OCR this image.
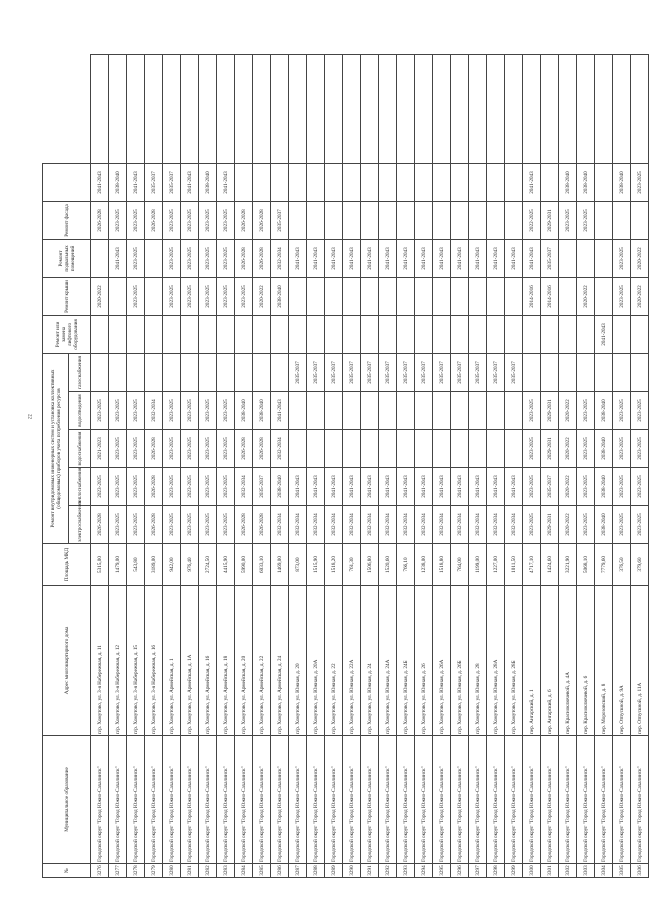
22
№	Муниципальное образование	Адрес многоквартирного дома	Площадь МКД	Ремонт внутридомовых инженерных систем и установка коллективных (общедомовых) приборов учета потребления ресурсов					Ремонт или замена лифтового оборудования	Ремонт крыши	Ремонт подвальных помещений	Ремонт фасада		
				электроснабжения	теплоснабжения	водоснабжения	водоотведения	газоснабжения						
3276	Городской округ "Город Южно-Сахалинск"	п/р. Хомутово, ул. 3-я Набережная, д. 11	5315,00	2026-2028	2023-2025	2021-2023	2023-2025			2020-2022		2026-2028	2041-2043	
3277	Городской округ "Город Южно-Сахалинск"	п/р. Хомутово, ул. 3-я Набережная, д. 12	1479,00	2023-2025	2023-2025	2023-2025	2023-2025				2041-2043	2023-2025	2038-2040	
3278	Городской округ "Город Южно-Сахалинск"	п/р. Хомутово, ул. 3-я Набережная, д. 15	543,80	2023-2025	2023-2025	2023-2025	2023-2025			2023-2025	2023-2025	2023-2025	2041-2043	
3279	Городской округ "Город Южно-Сахалинск"	п/р. Хомутово, ул. 3-я Набережная, д. 16	3189,00	2026-2028	2026-2028	2026-2028	2032-2034					2026-2028	2035-2037	
3280	Городской округ "Город Южно-Сахалинск"	п/р. Хомутово, ул. Армейская, д. 1	942,00	2023-2025	2023-2025	2023-2025	2023-2025			2023-2025	2023-2025	2023-2025	2035-2037	
3281	Городской округ "Город Южно-Сахалинск"	п/р. Хомутово, ул. Армейская, д. 1А	976,40	2023-2025	2023-2025	2023-2025	2023-2025			2023-2025	2023-2025	2023-2025	2041-2043	
3282	Городской округ "Город Южно-Сахалинск"	п/р. Хомутово, ул. Армейская, д. 16	2724,50	2023-2025	2023-2025	2023-2025	2023-2025			2023-2025	2023-2025	2023-2025	2038-2040	
3283	Городской округ "Город Южно-Сахалинск"	п/р. Хомутово, ул. Армейская, д. 18	4415,90	2023-2025	2023-2025	2023-2025	2023-2025			2023-2025	2023-2025	2023-2025	2041-2043	
3284	Городской округ "Город Южно-Сахалинск"	п/р. Хомутово, ул. Армейская, д. 20	5990,00	2026-2028	2032-2034	2026-2028	2038-2040			2023-2025	2026-2028	2026-2028		
3285	Городской округ "Город Южно-Сахалинск"	п/р. Хомутово, ул. Армейская, д. 22	6033,10	2026-2028	2035-2037	2026-2028	2038-2040			2020-2022	2026-2028	2026-2028		
3286	Городской округ "Город Южно-Сахалинск"	п/р. Хомутово, ул. Армейская, д. 24	1469,00	2032-2034	2038-2040	2032-2034	2041-2043			2038-2040	2032-2034	2035-2037		
3287	Городской округ "Город Южно-Сахалинск"	п/р. Хомутово, ул. Южная, д. 20	873,00	2032-2034	2041-2043			2035-2037			2041-2043			
3288	Городской округ "Город Южно-Сахалинск"	п/р. Хомутово, ул. Южная, д. 20А	1515,90	2032-2034	2041-2043			2035-2037			2041-2043			
3289	Городской округ "Город Южно-Сахалинск"	п/р. Хомутово, ул. Южная, д. 22	1518,20	2032-2034	2041-2043			2035-2037			2041-2043			
3290	Городской округ "Город Южно-Сахалинск"	п/р. Хомутово, ул. Южная, д. 22А	761,30	2032-2034	2041-2043			2035-2037			2041-2043			
3291	Городской округ "Город Южно-Сахалинск"	п/р. Хомутово, ул. Южная, д. 24	1506,80	2032-2034	2041-2043			2035-2037			2041-2043			
3292	Городской округ "Город Южно-Сахалинск"	п/р. Хомутово, ул. Южная, д. 24А	1520,60	2032-2034	2041-2043			2035-2037			2041-2043			
3293	Городской округ "Город Южно-Сахалинск"	п/р. Хомутово, ул. Южная, д. 24Б	766,10	2032-2034	2041-2043			2035-2037			2041-2043			
3294	Городской округ "Город Южно-Сахалинск"	п/р. Хомутово, ул. Южная, д. 26	1238,00	2032-2034	2041-2043			2035-2037			2041-2043			
3295	Городской округ "Город Южно-Сахалинск"	п/р. Хомутово, ул. Южная, д. 26А	1518,80	2032-2034	2041-2043			2035-2037			2041-2043			
3296	Городской округ "Город Южно-Сахалинск"	п/р. Хомутово, ул. Южная, д. 26Б	764,00	2032-2034	2041-2043			2035-2037			2041-2043			
3297	Городской округ "Город Южно-Сахалинск"	п/р. Хомутово, ул. Южная, д. 28	1199,00	2032-2034	2041-2043			2035-2037			2041-2043			
3298	Городской округ "Город Южно-Сахалинск"	п/р. Хомутово, ул. Южная, д. 28А	1227,00	2032-2034	2041-2043			2035-2037			2041-2043			
3299	Городской округ "Город Южно-Сахалинск"	п/р. Хомутово, ул. Южная, д. 28Б	1011,50	2032-2034	2041-2043			2035-2037			2041-2043			
3300	Городской округ "Город Южно-Сахалинск"	пер. Ангарский, д. 1	4717,10	2023-2025	2023-2025	2023-2025	2023-2025			2014-2016	2041-2043	2022-2025	2041-2043	
3301	Городской округ "Город Южно-Сахалинск"	пер. Ангарский, д. 6	1424,60	2029-2031	2035-2037	2029-2031	2029-2031			2014-2016	2035-2037	2029-2031		
3302	Городской округ "Город Южно-Сахалинск"	пер. Красноключевой, д. 4А	3221,90	2020-2022	2020-2022	2020-2022	2020-2022					2023-2025	2038-2040	
3303	Городской округ "Город Южно-Сахалинск"	пер. Красноключевой, д. 6	5068,10	2023-2025	2023-2025	2023-2025	2023-2025			2020-2022		2023-2025	2038-2040	
3304	Городской округ "Город Южно-Сахалинск"	пер. Морозовский, д. 8	7779,60	2038-2040	2038-2040	2038-2040	2038-2040		2041-2043					
3305	Городской округ "Город Южно-Сахалинск"	пер. Отпускной, д. 9А	376,50	2023-2025	2023-2025	2023-2025	2023-2025			2023-2025	2023-2025		2038-2040	
3306	Городской округ "Город Южно-Сахалинск"	пер. Отпускной, д. 11А	379,60	2023-2025	2023-2025	2023-2025	2023-2025			2020-2022	2020-2022		2023-2025	
